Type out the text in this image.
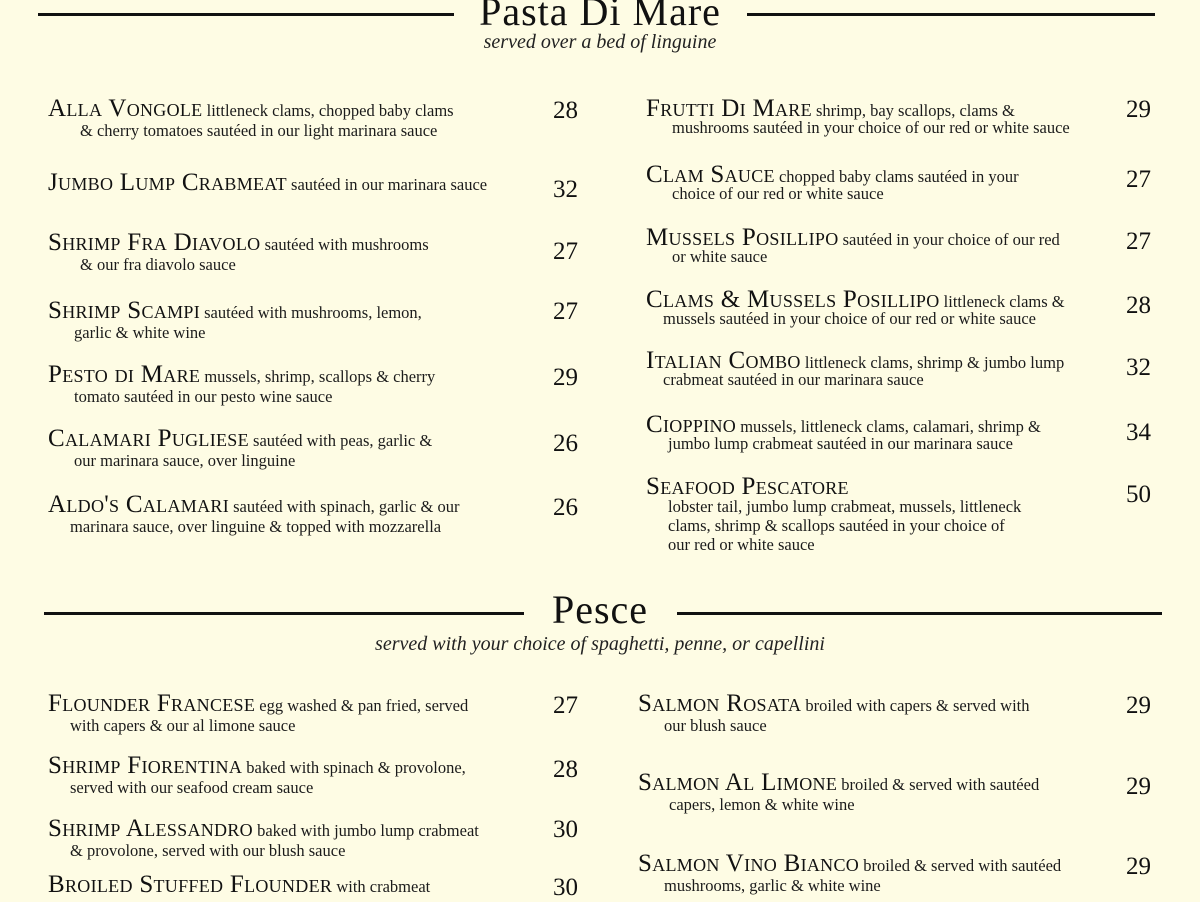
Pasta Di Mare
served over a bed of linguine
Alla Vongole littleneck clams, chopped baby clams
& cherry tomatoes sautéed in our light marinara sauce
28
Jumbo Lump Crabmeat sautéed in our marinara sauce	32
Shrimp Fra Diavolo sautéed with mushrooms
& our fra diavolo sauce	27
Shrimp Scampi sautéed with mushrooms, lemon,
garlic & white wine
27
Pesto di Mare mussels, shrimp, scallops & cherry
tomato sautéed in our pesto wine sauce
29
Calamari Pugliese sautéed with peas, garlic &
our marinara sauce, over linguine
26
Aldo's Calamari sautéed with spinach, garlic & our
marinara sauce, over linguine & topped with mozzarella
26
Frutti Di Mare shrimp, bay scallops, clams &
mushrooms sautéed in your choice of our red or white sauce
29
Clam Sauce chopped baby clams sautéed in your
choice of our red or white sauce
27
Mussels Posillipo sautéed in your choice of our red
or white sauce
27
Clams & Mussels Posillipo littleneck clams &
mussels sautéed in your choice of our red or white sauce	28
Italian Combo littleneck clams, shrimp & jumbo lump
crabmeat sautéed in our marinara sauce	32
Cioppino mussels, littleneck clams, calamari, shrimp &
jumbo lump crabmeat sautéed in our marinara sauce	34
Seafood Pescatore
lobster tail, jumbo lump crabmeat, mussels, littleneck
clams, shrimp & scallops sautéed in your choice of
our red or white sauce
50
Pesce
served with your choice of spaghetti, penne, or capellini
Flounder Francese egg washed & pan fried, served
with capers & our al limone sauce
27
Shrimp Fiorentina baked with spinach & provolone,
served with our seafood cream sauce
28
Shrimp Alessandro baked with jumbo lump crabmeat
& provolone, served with our blush sauce
30
Broiled Stuffed Flounder with crabmeat	30
Salmon Rosata broiled with capers & served with
our blush sauce
29
Salmon Al Limone broiled & served with sautéed
capers, lemon & white wine
29
Salmon Vino Bianco broiled & served with sautéed
mushrooms, garlic & white wine
29
